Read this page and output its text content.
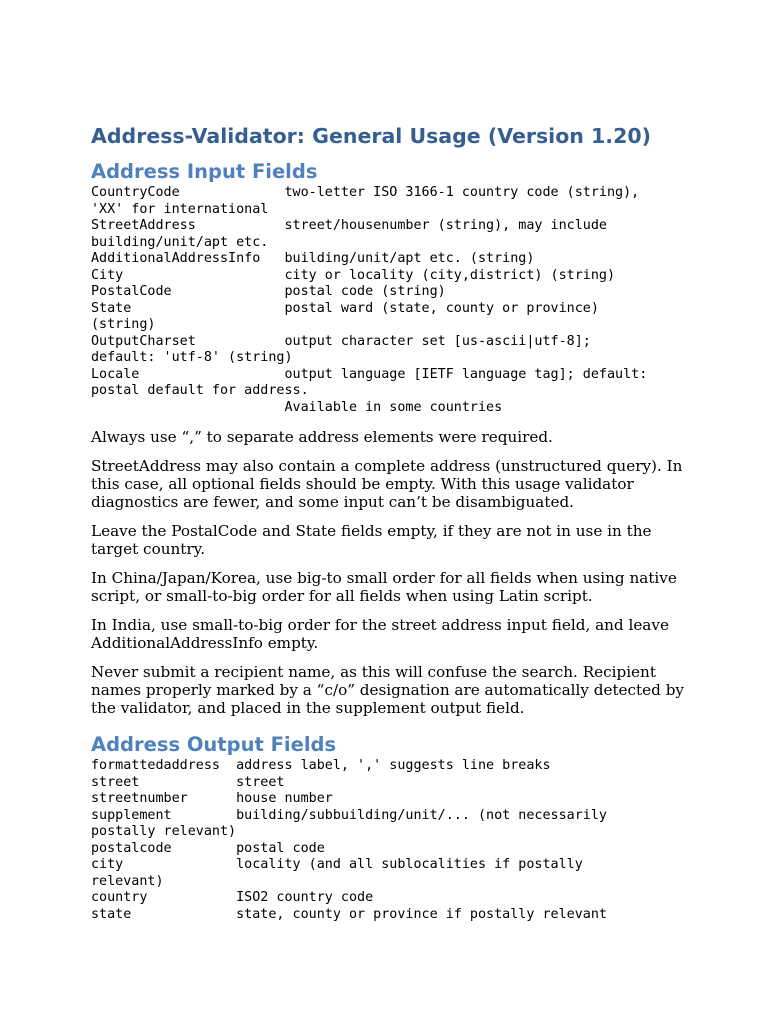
Address-Validator: General Usage (Version 1.20)
Address Input Fields
CountryCode             two-letter ISO 3166-1 country code (string),
'XX' for international
StreetAddress           street/housenumber (string), may include
building/unit/apt etc.
AdditionalAddressInfo   building/unit/apt etc. (string)
City                    city or locality (city,district) (string)
PostalCode              postal code (string)
State                   postal ward (state, county or province)
(string)
OutputCharset           output character set [us-ascii|utf-8];
default: 'utf-8' (string)
Locale                  output language [IETF language tag]; default:
postal default for address.
Available in some countries

Always use “,” to separate address elements were required.

StreetAddress may also contain a complete address (unstructured query). In this case, all optional fields should be empty. With this usage validator diagnostics are fewer, and some input can’t be disambiguated.

Leave the PostalCode and State fields empty, if they are not in use in the target country.

In China/Japan/Korea, use big-to small order for all fields when using native script, or small-to-big order for all fields when using Latin script.

In India, use small-to-big order for the street address input field, and leave AdditionalAddressInfo empty.

Never submit a recipient name, as this will confuse the search. Recipient names properly marked by a “c/o” designation are automatically detected by the validator, and placed in the supplement output field.

Address Output Fields
formattedaddress  address label, ',' suggests line breaks
street            street
streetnumber      house number
supplement        building/subbuilding/unit/... (not necessarily
postally relevant)
postalcode        postal code
city              locality (and all sublocalities if postally
relevant)
country           ISO2 country code
state             state, county or province if postally relevant
